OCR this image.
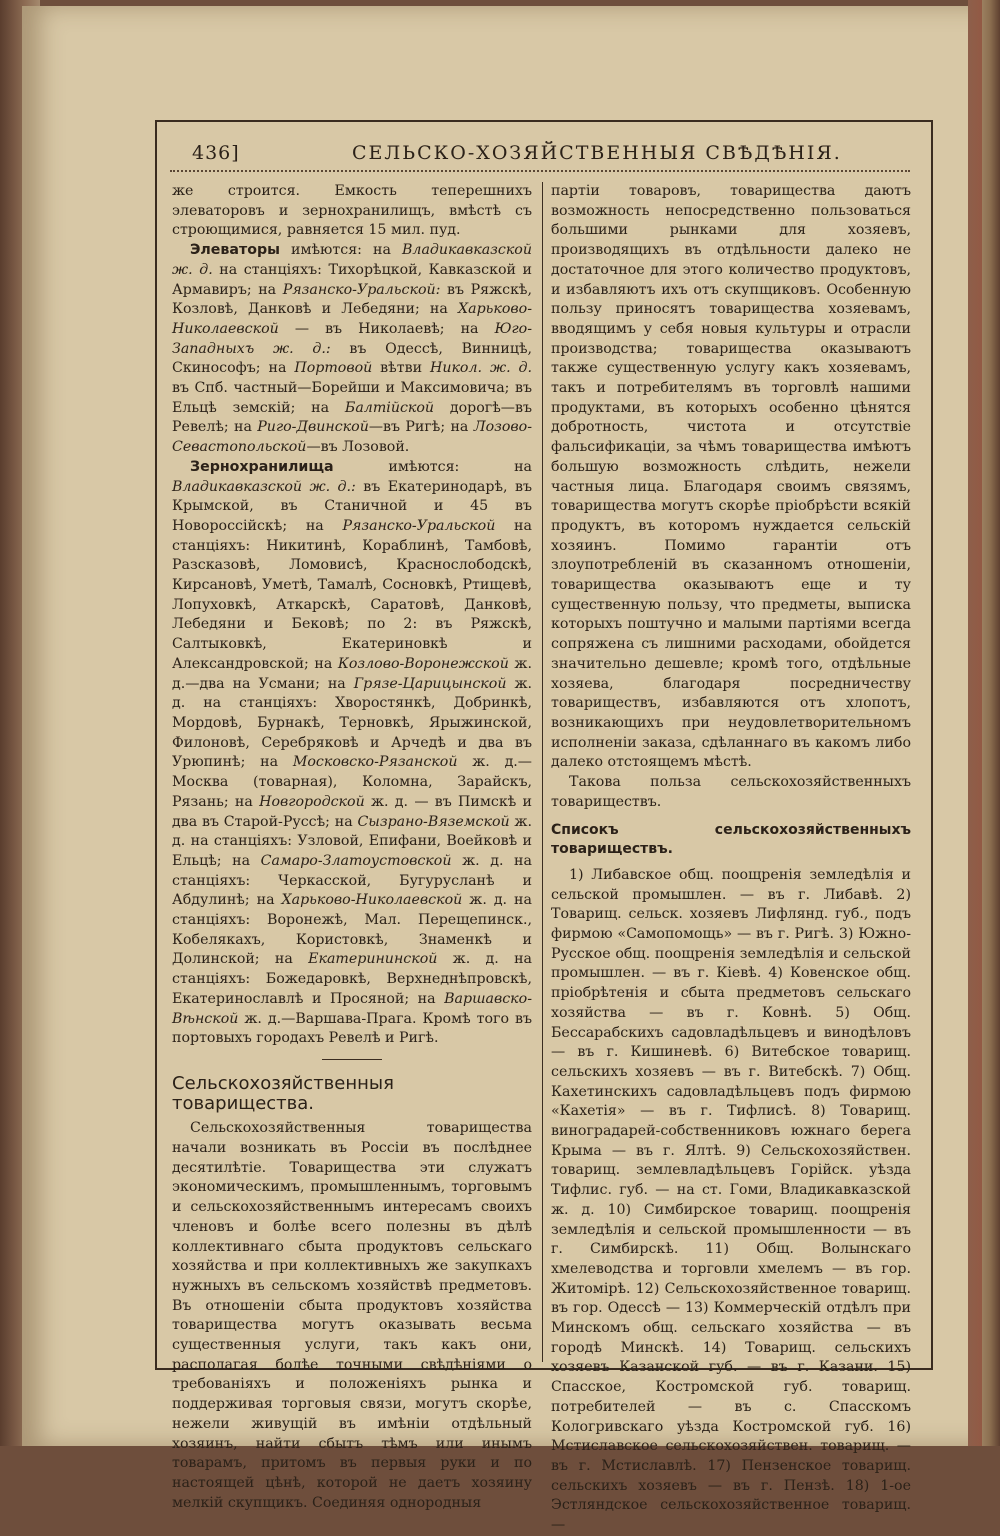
436]	СЕЛЬСКО-ХОЗЯЙСТВЕННЫЯ СВѢДѢНІЯ.

же строится. Емкость теперешнихъ элеваторовъ и зернохранилищъ, вмѣстѣ съ строющимися, равняется 15 мил. пуд.

Элеваторы имѣются: на Владикавказской ж. д. на станціяхъ: Тихорѣцкой, Кавказской и Армавиръ; на Рязанско-Уральской: въ Ряжскѣ, Козловѣ, Данковѣ и Лебедяни; на Харьково-Николаевской — въ Николаевѣ; на Юго-Западныхъ ж. д.: въ Одессѣ, Винницѣ, Скинософъ; на Портовой вѣтви Никол. ж. д. въ Спб. частный—Борейши и Максимовича; въ Ельцѣ земскій; на Балтійской дорогѣ—въ Ревелѣ; на Риго-Двинской—въ Ригѣ; на Лозово-Севастопольской—въ Лозовой.

Зернохранилища имѣются: на Владикавказской ж. д.: въ Екатеринодарѣ, въ Крымской, въ Станичной и 45 въ Новороссійскѣ; на Рязанско-Уральской на станціяхъ: Никитинѣ, Кораблинѣ, Тамбовѣ, Разсказовѣ, Ломовисѣ, Краснослободскѣ, Кирсановѣ, Уметѣ, Тамалѣ, Сосновкѣ, Ртищевѣ, Лопуховкѣ, Аткарскѣ, Саратовѣ, Данковѣ, Лебедяни и Бековѣ; по 2: въ Ряжскѣ, Салтыковкѣ, Екатериновкѣ и Александровской; на Козлово-Воронежской ж. д.—два на Усмани; на Грязе-Царицынской ж. д. на станціяхъ: Хворостянкѣ, Добринкѣ, Мордовѣ, Бурнакѣ, Терновкѣ, Ярыжинской, Филоновѣ, Серебряковѣ и Арчедѣ и два въ Урюпинѣ; на Московско-Рязанской ж. д.—Москва (товарная), Коломна, Зарайскъ, Рязань; на Новгородской ж. д. — въ Пимскѣ и два въ Старой-Руссѣ; на Сызрано-Вяземской ж. д. на станціяхъ: Узловой, Епифани, Воейковѣ и Ельцѣ; на Самаро-Златоустовской ж. д. на станціяхъ: Черкасской, Бугурусланѣ и Абдулинѣ; на Харьково-Николаевской ж. д. на станціяхъ: Воронежѣ, Мал. Перещепинск., Кобелякахъ, Користовкѣ, Знаменкѣ и Долинской; на Екатерининской ж. д. на станціяхъ: Божедаровкѣ, Верхнеднѣпровскѣ, Екатеринославлѣ и Просяной; на Варшавско-Вѣнской ж. д.—Варшава-Прага. Кромѣ того въ портовыхъ городахъ Ревелѣ и Ригѣ.

Сельскохозяйственныя товарищества.

Сельскохозяйственныя товарищества начали возникать въ Россіи въ послѣднее десятилѣтіе. Товарищества эти служатъ экономическимъ, промышленнымъ, торговымъ и сельскохозяйственнымъ интересамъ своихъ членовъ и болѣе всего полезны въ дѣлѣ коллективнаго сбыта продуктовъ сельскаго хозяйства и при коллективныхъ же закупкахъ нужныхъ въ сельскомъ хозяйствѣ предметовъ. Въ отношеніи сбыта продуктовъ хозяйства товарищества могутъ оказывать весьма существенныя услуги, такъ какъ они, располагая болѣе точными свѣдѣніями о требованіяхъ и положеніяхъ рынка и поддерживая торговыя связи, могутъ скорѣе, нежели живущій въ имѣніи отдѣльный хозяинъ, найти сбытъ тѣмъ или инымъ товарамъ, притомъ въ первыя руки и по настоящей цѣнѣ, которой не даетъ хозяину мелкій скупщикъ. Соединяя однородныя

партіи товаровъ, товарищества даютъ возможность непосредственно пользоваться большими рынками для хозяевъ, производящихъ въ отдѣльности далеко не достаточное для этого количество продуктовъ, и избавляютъ ихъ отъ скупщиковъ. Особенную пользу приносятъ товарищества хозяевамъ, вводящимъ у себя новыя культуры и отрасли производства; товарищества оказываютъ также существенную услугу какъ хозяевамъ, такъ и потребителямъ въ торговлѣ нашими продуктами, въ которыхъ особенно цѣнятся добротность, чистота и отсутствіе фальсификаціи, за чѣмъ товарищества имѣютъ большую возможность слѣдить, нежели частныя лица. Благодаря своимъ связямъ, товарищества могутъ скорѣе пріобрѣсти всякій продуктъ, въ которомъ нуждается сельскій хозяинъ. Помимо гарантіи отъ злоупотребленій въ сказанномъ отношеніи, товарищества оказываютъ еще и ту существенную пользу, что предметы, выписка которыхъ поштучно и малыми партіями всегда сопряжена съ лишними расходами, обойдется значительно дешевле; кромѣ того, отдѣльные хозяева, благодаря посредничеству товариществъ, избавляются отъ хлопотъ, возникающихъ при неудовлетворительномъ исполненіи заказа, сдѣланнаго въ какомъ либо далеко отстоящемъ мѣстѣ.

Такова польза сельскохозяйственныхъ товариществъ.

Списокъ сельскохозяйственныхъ товариществъ.

1) Либавское общ. поощренія земледѣлія и сельской промышлен. — въ г. Либавѣ. 2) Товарищ. сельск. хозяевъ Лифлянд. губ., подъ фирмою «Самопомощь» — въ г. Ригѣ. 3) Южно-Русское общ. поощренія земледѣлія и сельской промышлен. — въ г. Кіевѣ. 4) Ковенское общ. пріобрѣтенія и сбыта предметовъ сельскаго хозяйства — въ г. Ковнѣ. 5) Общ. Бессарабскихъ садовладѣльцевъ и винодѣловъ — въ г. Кишиневѣ. 6) Витебское товарищ. сельскихъ хозяевъ — въ г. Витебскѣ. 7) Общ. Кахетинскихъ садовладѣльцевъ подъ фирмою «Кахетія» — въ г. Тифлисѣ. 8) Товарищ. виноградарей-собственниковъ южнаго берега Крыма — въ г. Ялтѣ. 9) Сельскохозяйствен. товарищ. землевладѣльцевъ Горійск. уѣзда Тифлис. губ. — на ст. Гоми, Владикавказской ж. д. 10) Симбирское товарищ. поощренія земледѣлія и сельской промышленности — въ г. Симбирскѣ. 11) Общ. Волынскаго хмелеводства и торговли хмелемъ — въ гор. Житомірѣ. 12) Сельскохозяйственное товарищ. въ гор. Одессѣ — 13) Коммерческій отдѣлъ при Минскомъ общ. сельскаго хозяйства — въ городѣ Минскѣ. 14) Товарищ. сельскихъ хозяевъ Казанской губ. — въ г. Казани. 15) Спасское, Костромской губ. товарищ. потребителей — въ с. Спасскомъ Кологривскаго уѣзда Костромской губ. 16) Мстиславское сельскохозяйствен. товарищ. — въ г. Мстиславлѣ. 17) Пензенское товарищ. сельскихъ хозяевъ — въ г. Пензѣ. 18) 1-ое Эстляндское сельскохозяйственное товарищ. —
